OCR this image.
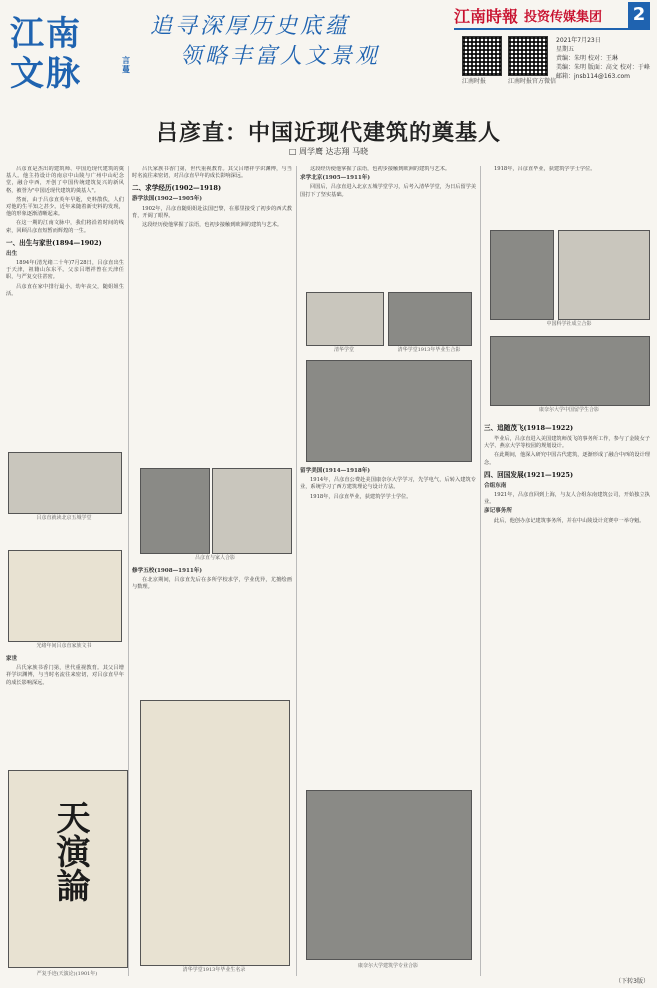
江南
文脉	言蔓
追寻深厚历史底蕴
领略丰富人文景观
江南時報 投资传媒集团 2
江南时报	江南时报官方微信
2021年7月23日
星期五
责编：朱明 校对：王琳
美编：朱明 版面：高文 校对：于峰
邮箱：jnsb114@163.com
吕彦直：中国近现代建筑的奠基人
□ 周学鹰 达志翔 马晓

吕彦直是杰出的建筑师、中国近现代建筑的奠基人。他主持设计的南京中山陵与广州中山纪念堂，融合中西，开创了中国传统建筑复兴的新风格，被誉为"中国近现代建筑的奠基人"。

然而，由于吕彦直英年早逝，史料散佚，人们对他的生平知之甚少。近年来随着新史料的发现，他的形象逐渐清晰起来。

在这一期的江南文脉中，我们将沿着时间的线索，回顾吕彦直短暂而辉煌的一生。

一、出生与家世(1894—1902)
出生

1894年(清光绪二十年)7月28日，吕彦直出生于天津，祖籍山东东平。父亲吕增祥曾在天津任职，与严复交往甚密。

吕彦直在家中排行最小，幼年丧父，随姐姐生活。

吕彦直就读北京五城学堂
光绪年间吕彦直家族文书
家世

吕氏家族书香门第，世代重视教育。其父吕增祥学识渊博，与当时名流往来密切，对吕彦直早年的成长影响深远。

天演論
严复手迹(天演论)(1901年)

吕氏家族书香门第，世代重视教育。其父吕增祥学识渊博，与当时名流往来密切，对吕彦直早年的成长影响深远。

二、求学经历(1902—1918)
游学法国(1902—1905年)

1902年，吕彦直随姐姐赴法国巴黎，在那里接受了初步的西式教育，开阔了眼界。

这段经历使他掌握了法语，也初步接触到欧洲的建筑与艺术。

吕彦直与家人合影
修学五校(1908—1911年)

在北京期间，吕彦直先后在多所学校求学，学业优异，尤擅绘画与数理。

清华学堂1913年毕业生名录

这段经历使他掌握了法语，也初步接触到欧洲的建筑与艺术。

求学北京(1905—1911年)

回国后，吕彦直进入北京五城学堂学习，后考入清华学堂，为日后留学美国打下了坚实基础。

清华学堂	清华学堂1913年毕业生合影
留学美国(1914—1918年)

1914年，吕彦直公费赴美国康奈尔大学学习，先学电气，后转入建筑专业，系统学习了西方建筑理论与设计方法。

1918年，吕彦直毕业，获建筑学学士学位。

康奈尔大学建筑学专业合影

1918年，吕彦直毕业，获建筑学学士学位。

中国科学社成立合影
康奈尔大学中国留学生合影
三、追随茂飞(1918—1922)

毕业后，吕彦直进入美国建筑师茂飞的事务所工作，参与了金陵女子大学、燕京大学等校园的规划设计。

在此期间，他深入研究中国古代建筑，逐渐形成了融合中西的设计理念。

四、回国发展(1921—1925)
合组东南

1921年，吕彦直回到上海，与友人合组东南建筑公司，开始独立执业。

彦记事务所

此后，他创办彦记建筑事务所，并在中山陵设计竞赛中一举夺魁。

（下转3版）
